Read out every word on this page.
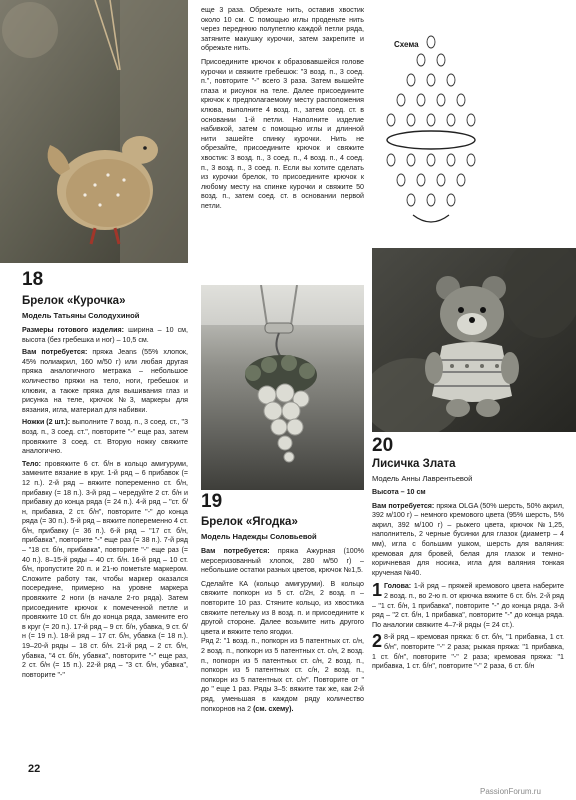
18
Брелок «Курочка»
Модель Татьяны Солодухиной

Размеры готового изделия: ширина – 10 см, высота (без гребешка и ног) – 10,5 см.

Вам потребуется: пряжа Jeans (55% хлопок, 45% полиакрил, 160 м/50 г) или любая другая пряжа аналогичного метража – небольшое количество пряжи на тело, ноги, гребешок и клювик, а также пряжа для вышивания глаз и рисунка на теле, крючок №3, маркеры для вязания, игла, материал для набивки.

Ножки (2 шт.): выполните 7 возд. п., 3 соед. ст., "3 возд. п., 3 соед. ст.", повторите "-" еще раз, затем провяжите 3 соед. ст. Вторую ножку свяжите аналогично.

Тело: провяжите 6 ст. б/н в кольцо амигуруми, замкните вязание в круг. 1-й ряд – 6 прибавок (= 12 п.). 2-й ряд – вяжите попеременно ст. б/н, прибавку (= 18 п.). 3-й ряд – чередуйте 2 ст. б/н и прибавку до конца ряда (= 24 п.). 4-й ряд – "ст. б/н, прибавка, 2 ст. б/н", повторите "-" до конца ряда (= 30 п.). 5-й ряд – вяжите попеременно 4 ст. б/н, прибавку (= 36 п.). 6-й ряд – "17 ст. б/н, прибавка", повторите "-" еще раз (= 38 п.). 7-й ряд – "18 ст. б/н, прибавка", повторите "-" еще раз (= 40 п.). 8–15-й ряды – 40 ст. б/н. 16-й ряд – 10 ст. б/н, пропустите 20 п. и 21-ю пометьте маркером. Сложите работу так, чтобы маркер оказался посередине, примерно на уровне маркера провяжите 2 ноги (в начале 2-го ряда). Затем присоедините крючок к помеченной петле и провяжите 10 ст. б/н до конца ряда, замкните его в круг (= 20 п.). 17-й ряд – 9 ст. б/н, убавка, 9 ст. б/н (= 19 п.). 18-й ряд – 17 ст. б/н, убавка (= 18 п.). 19–20-й ряды – 18 ст. б/н. 21-й ряд – 2 ст. б/н, убавка, "4 ст. б/н, убавка", повторите "-" еще раз, 2 ст. б/н (= 15 п.). 22-й ряд – "3 ст. б/н, убавка", повторите "-"

еще 3 раза. Обрежьте нить, оставив хвостик около 10 см. С помощью иглы проденьте нить через переднюю полупетлю каждой петли ряда, затяните макушку курочки, затем закрепите и обрежьте нить.

Присоедините крючок к образовавшейся голове курочки и свяжите гребешок: "3 возд. п., 3 соед. п.", повторите "-" всего 3 раза. Затем вышейте глаза и рисунок на теле. Далее присоедините крючок к предполагаемому месту расположения клюва, выполните 4 возд. п., затем соед. ст. в основании 1-й петли. Наполните изделие набивкой, затем с помощью иглы и длинной нити зашейте спинку курочки. Нить не обрезайте, присоедините крючок и свяжите хвостик: 3 возд. п., 3 соед. п., 4 возд. п., 4 соед. п., 3 возд. п., 3 соед. п. Если вы хотите сделать из курочки брелок, то присоедините крючок к любому месту на спинке курочки и свяжите 50 возд. п., затем соед. ст. в основании первой петли.

19
Брелок «Ягодка»
Модель Надежды Соловьевой

Вам потребуется: пряжа Ажурная (100% мерсеризованный хлопок, 280 м/50 г) – небольшие остатки разных цветов, крючок №1,5.

Сделайте КА (кольцо амигуруми). В кольцо свяжите попкорн из 5 ст. с/2н, 2 возд. п – повторите 10 раз. Стяните кольцо, из хвостика свяжите петельку из 8 возд. п. и присоедините к другой стороне. Далее возьмите нить другого цвета и вяжите тело ягодки.

Ряд 2: "1 возд. п., попкорн из 5 патентных ст. с/н, 2 возд. п., попкорн из 5 патентных ст. с/н, 2 возд. п., попкорн из 5 патентных ст. с/н, 2 возд. п., попкорн из 5 патентных ст. с/н, 2 возд. п., попкорн из 5 патентных ст. с/н". Повторите от " до " еще 1 раз. Ряды 3–5: вяжите так же, как 2-й ряд, уменьшая в каждом ряду количество попкорнов на 2 (см. схему).

Схема
20
Лисичка Злата
Модель Анны Лаврентьевой

Высота – 10 см

Вам потребуется: пряжа OLGA (50% шерсть, 50% акрил, 392 м/100 г) – немного кремового цвета (95% шерсть, 5% акрил, 392 м/100 г) – рыжего цвета, крючок №1,25, наполнитель, 2 черные бусинки для глазок (диаметр – 4 мм), игла с большим ушком, шерсть для валяния: кремовая для бровей, белая для глазок и темно-коричневая для носика, игла для валяния тонкая крученая №40.

1 Голова: 1-й ряд – пряжей кремового цвета наберите 2 возд. п., во 2-ю п. от крючка вяжите 6 ст. б/н. 2-й ряд – "1 ст. б/н, 1 прибавка", повторите "-" до конца ряда. 3-й ряд – "2 ст. б/н, 1 прибавка", повторите "-" до конца ряда. По аналогии свяжите 4–7-й ряды (= 24 ст.).

2 8-й ряд – кремовая пряжа: 6 ст. б/н, "1 прибавка, 1 ст. б/н", повторите "-" 2 раза; рыжая пряжа: "1 прибавка, 1 ст. б/н", повторите "-" 2 раза; кремовая пряжа: "1 прибавка, 1 ст. б/н", повторите "-" 2 раза, 6 ст. б/н

22
PassionForum.ru
